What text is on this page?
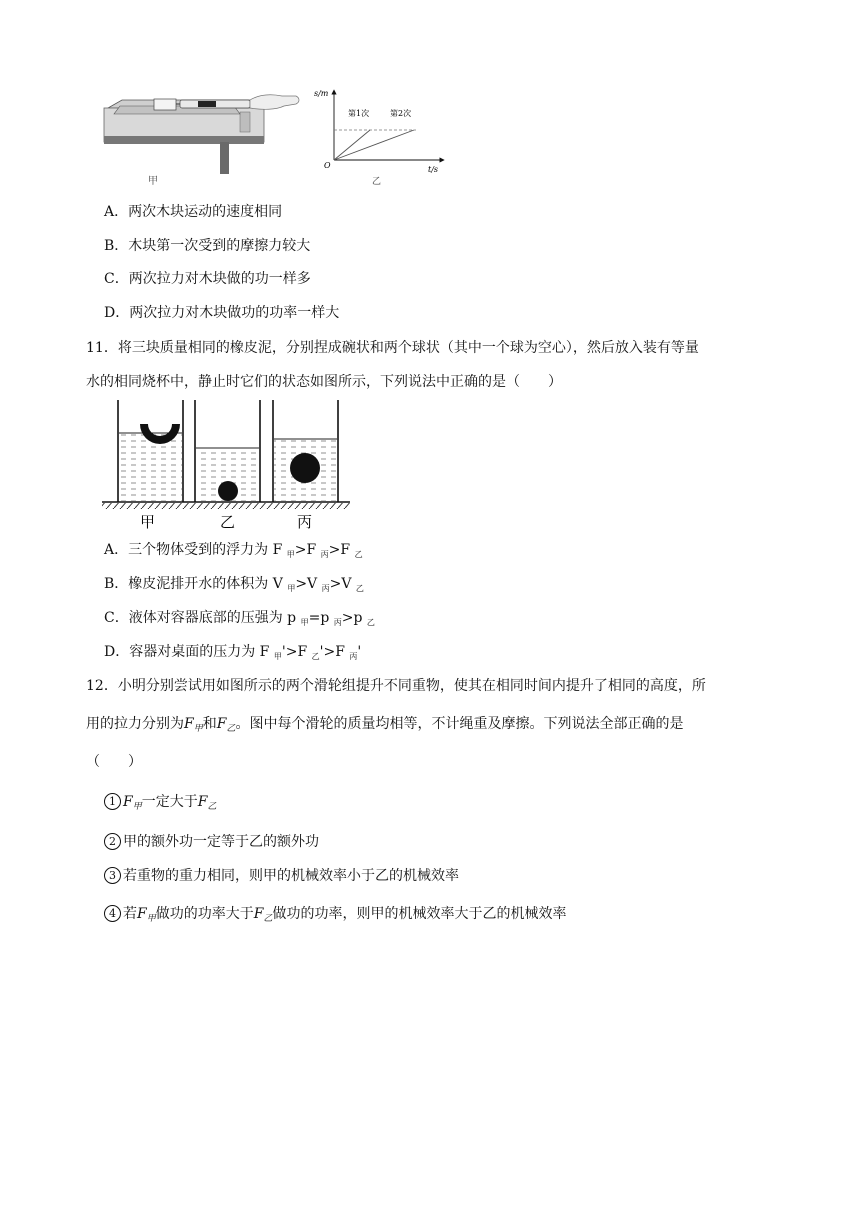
甲
s/m
t/s
O
第1次	第2次
乙
A．两次木块运动的速度相同
B．木块第一次受到的摩擦力较大
C．两次拉力对木块做的功一样多
D．两次拉力对木块做功的功率一样大
11．将三块质量相同的橡皮泥，分别捏成碗状和两个球状（其中一个球为空心），然后放入装有等量
水的相同烧杯中，静止时它们的状态如图所示，下列说法中正确的是（　　）
甲	乙	丙
A．三个物体受到的浮力为 F $_甲$>F $_丙$>F $_乙$
B．橡皮泥排开水的体积为 V $_甲$>V $_丙$>V $_乙$
C．液体对容器底部的压强为 p $_甲$=p $_丙$>p $_乙$
D．容器对桌面的压力为 F $_甲$'>F $_乙$'>F $_丙$'
12．小明分别尝试用如图所示的两个滑轮组提升不同重物，使其在相同时间内提升了相同的高度，所
用的拉力分别为$F_甲$和$F_乙$。图中每个滑轮的质量均相等，不计绳重及摩擦。下列说法全部正确的是
（　　）
1 $F_甲$一定大于$F_乙$
2 甲的额外功一定等于乙的额外功
3 若重物的重力相同，则甲的机械效率小于乙的机械效率
4 若$F_甲$做功的功率大于$F_乙$做功的功率，则甲的机械效率大于乙的机械效率
